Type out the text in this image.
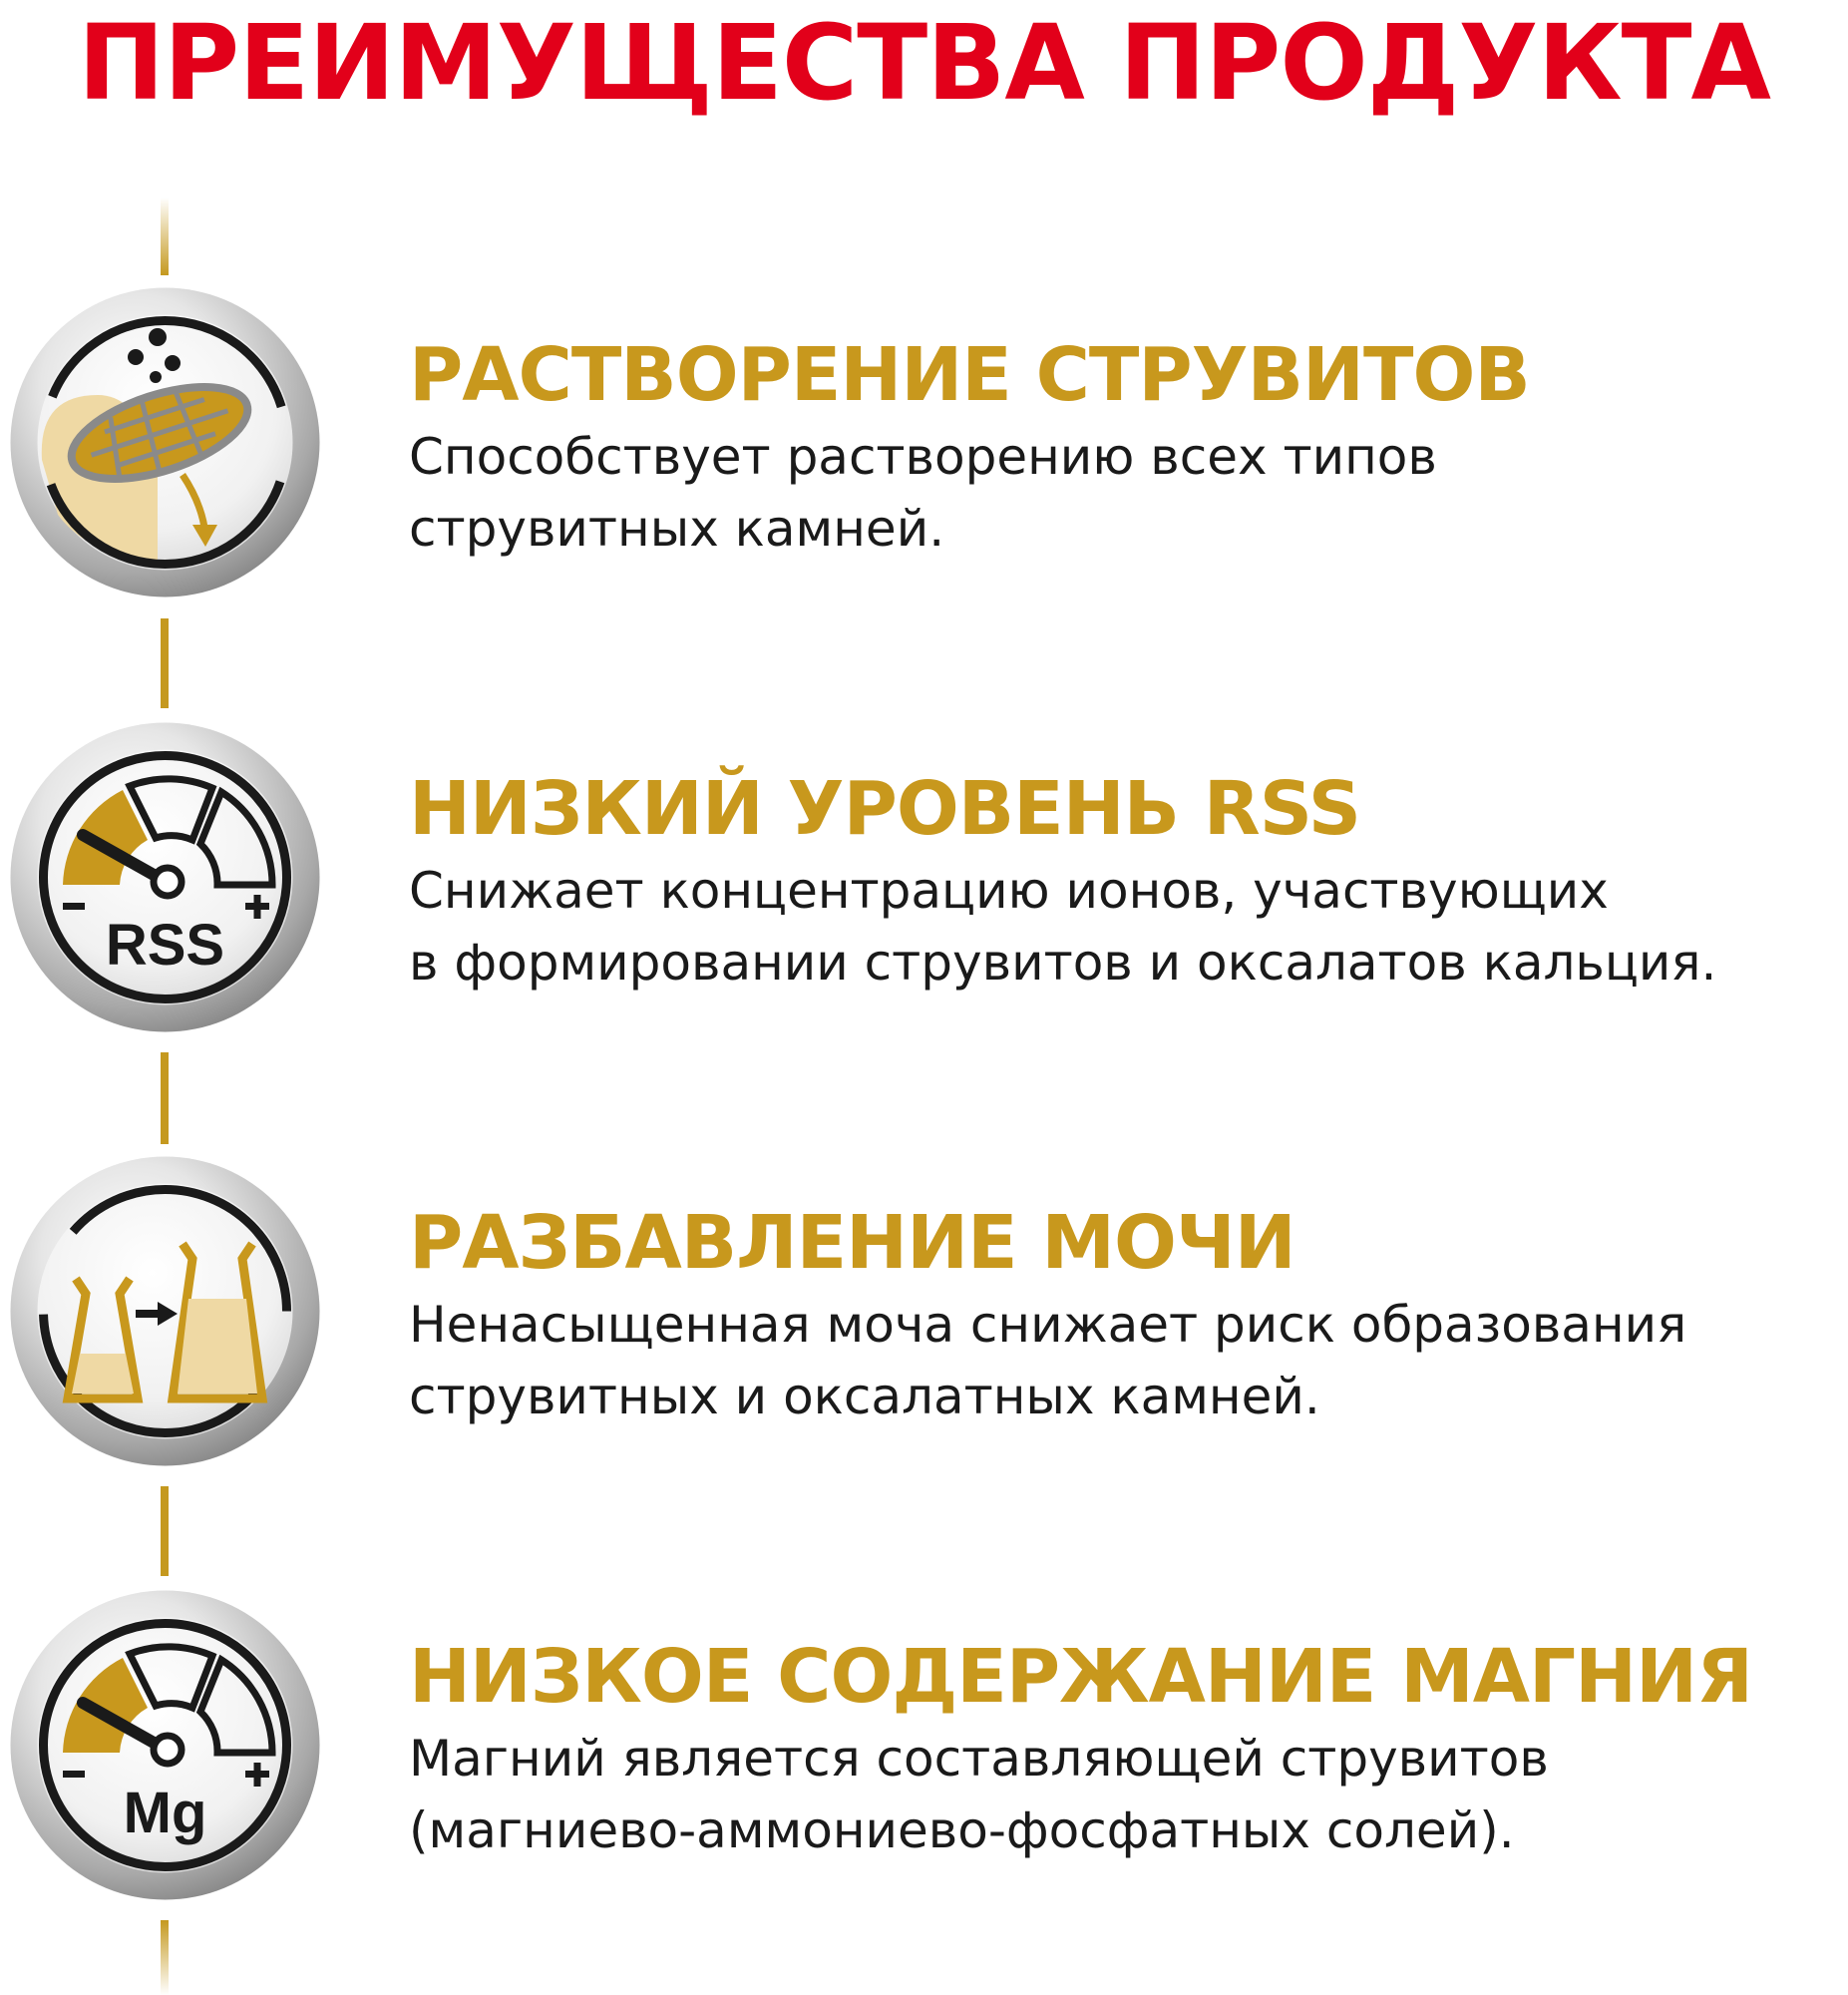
ПРЕИМУЩЕСТВА ПРОДУКТА
RSS
Mg
РАСТВОРЕНИЕ СТРУВИТОВ
Способствует растворению всех типов
струвитных камней.
НИЗКИЙ УРОВЕНЬ RSS
Снижает концентрацию ионов, участвующих
в формировании струвитов и оксалатов кальция.
РАЗБАВЛЕНИЕ МОЧИ
Ненасыщенная моча снижает риск образования
струвитных и оксалатных камней.
НИЗКОЕ СОДЕРЖАНИЕ МАГНИЯ
Магний является составляющей струвитов
(магниево-аммониево-фосфатных солей).
